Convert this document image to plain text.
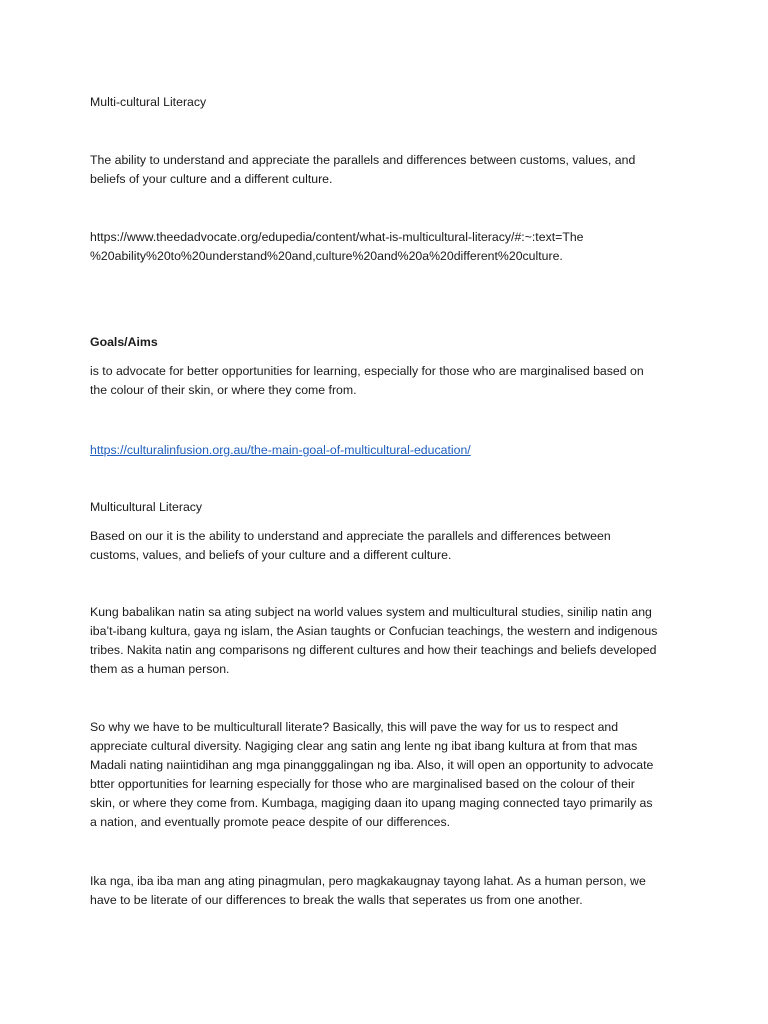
Multi‑cultural Literacy

The ability to understand and appreciate the parallels and differences between customs, values, and
beliefs of your culture and a different culture.

https://www.theedadvocate.org/edupedia/content/what-is-multicultural-literacy/#:~:text=The
%20ability%20to%20understand%20and,culture%20and%20a%20different%20culture.

Goals/Aims

is to advocate for better opportunities for learning, especially for those who are marginalised based on
the colour of their skin, or where they come from.

https://culturalinfusion.org.au/the-main-goal-of-multicultural-education/

Multicultural Literacy

Based on our it is the ability to understand and appreciate the parallels and differences between
customs, values, and beliefs of your culture and a different culture.

Kung babalikan natin sa ating subject na world values system and multicultural studies, sinilip natin ang
iba’t-ibang kultura, gaya ng islam, the Asian taughts or Confucian teachings, the western and indigenous
tribes. Nakita natin ang comparisons ng different cultures and how their teachings and beliefs developed
them as a human person.

So why we have to be multiculturall literate? Basically, this will pave the way for us to respect and
appreciate cultural diversity. Nagiging clear ang satin ang lente ng ibat ibang kultura at from that mas
Madali nating naiintidihan ang mga pinangggalingan ng iba. Also, it will open an opportunity to advocate
btter opportunities for learning especially for those who are marginalised based on the colour of their
skin, or where they come from. Kumbaga, magiging daan ito upang maging connected tayo primarily as
a nation, and eventually promote peace despite of our differences.

Ika nga, iba iba man ang ating pinagmulan, pero magkakaugnay tayong lahat. As a human person, we
have to be literate of our differences to break the walls that seperates us from one another.
